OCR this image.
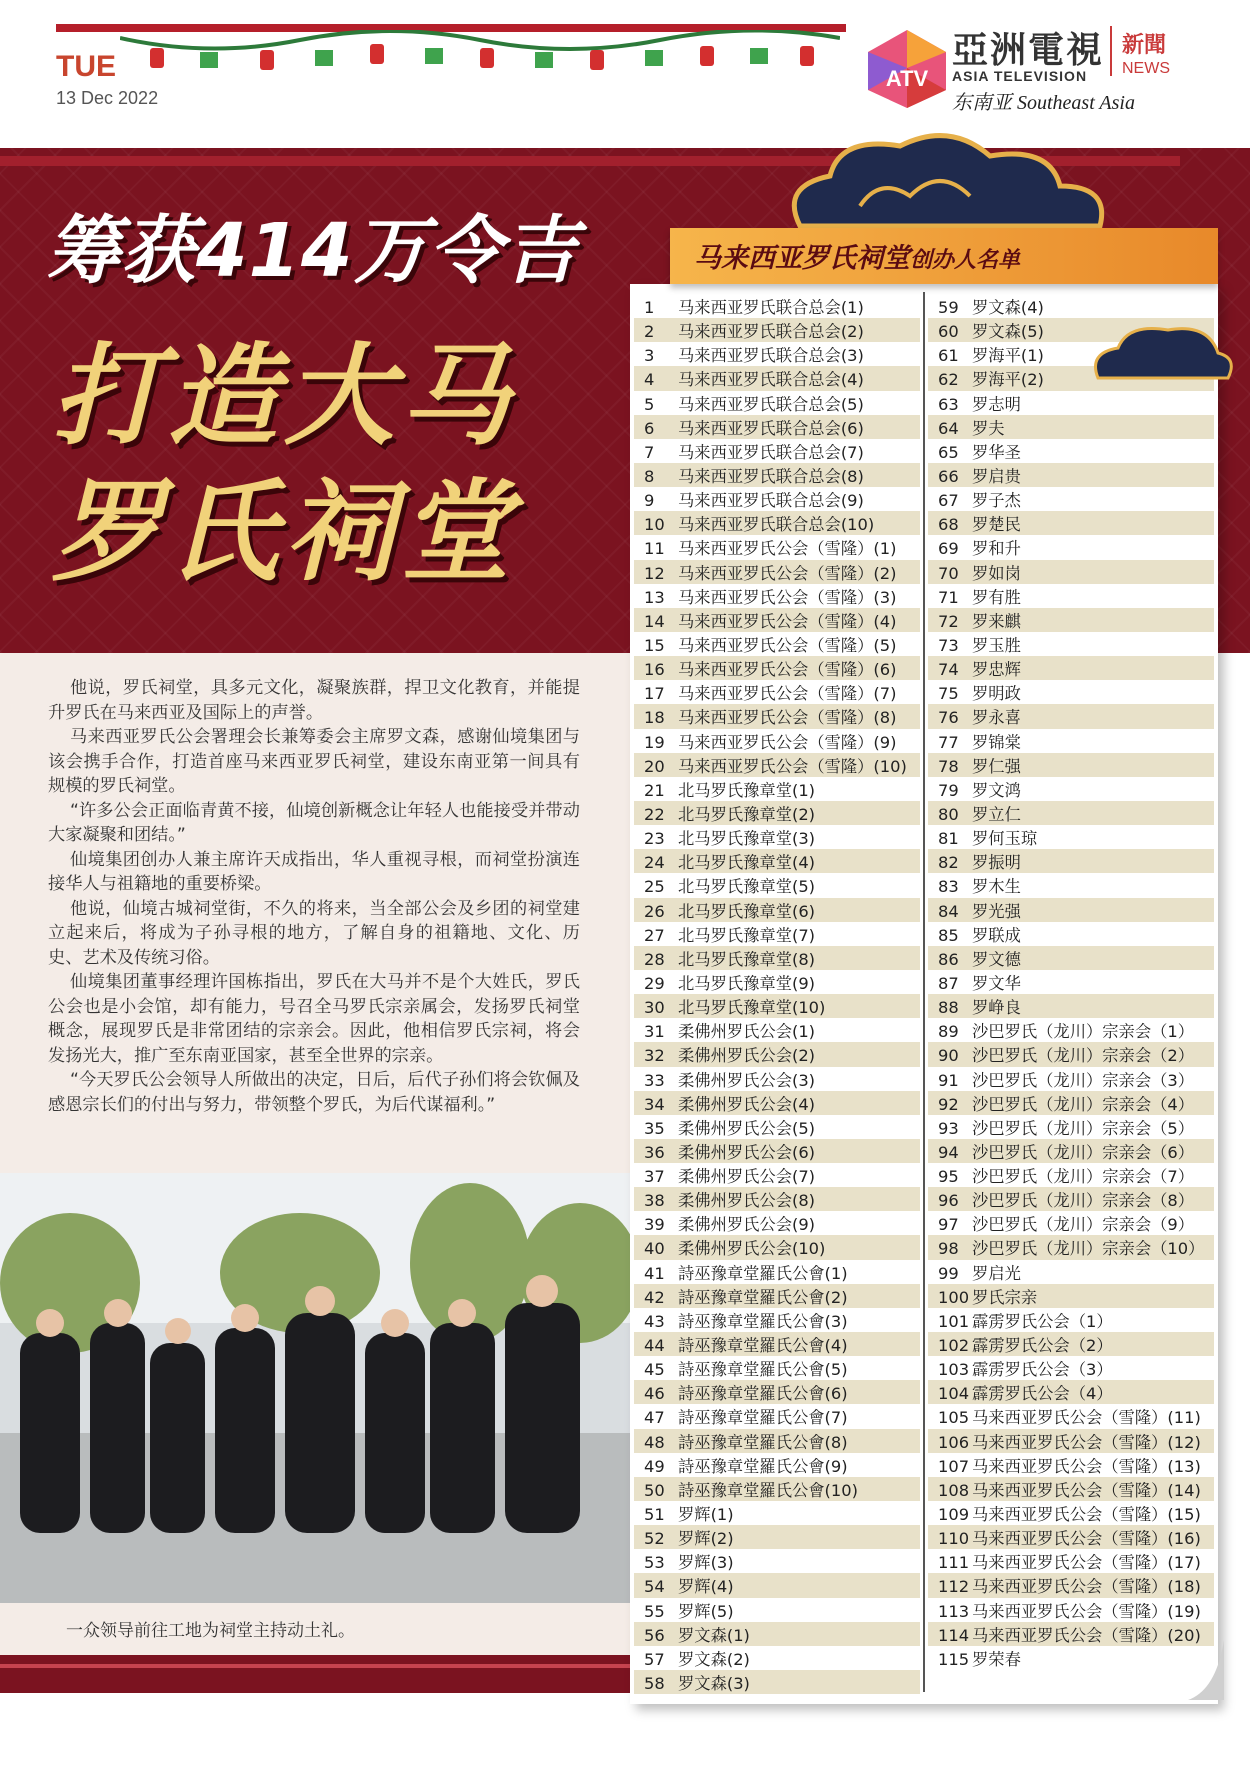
TUE
13 Dec 2022
ATV
亞洲電視
ASIA TELEVISION
东南亚 Southeast Asia
新聞
NEWS
筹获414万令吉
打造大马
罗氏祠堂

他说，罗氏祠堂，具多元文化，凝聚族群，捍卫文化教育，并能提升罗氏在马来西亚及国际上的声誉。

马来西亚罗氏公会署理会长兼筹委会主席罗文森，感谢仙境集团与该会携手合作，打造首座马来西亚罗氏祠堂，建设东南亚第一间具有规模的罗氏祠堂。

“许多公会正面临青黄不接，仙境创新概念让年轻人也能接受并带动大家凝聚和团结。”

仙境集团创办人兼主席许天成指出，华人重视寻根，而祠堂扮演连接华人与祖籍地的重要桥梁。

他说，仙境古城祠堂街，不久的将来，当全部公会及乡团的祠堂建立起来后，将成为子孙寻根的地方，了解自身的祖籍地、文化、历史、艺术及传统习俗。

仙境集团董事经理许国栋指出，罗氏在大马并不是个大姓氏，罗氏公会也是小会馆，却有能力，号召全马罗氏宗亲属会，发扬罗氏祠堂概念，展现罗氏是非常团结的宗亲会。因此，他相信罗氏宗祠，将会发扬光大，推广至东南亚国家，甚至全世界的宗亲。

“今天罗氏公会领导人所做出的决定，日后，后代子孙们将会钦佩及感恩宗长们的付出与努力，带领整个罗氏，为后代谋福利。”

一众领导前往工地为祠堂主持动土礼。
1 马来西亚罗氏联合总会(1)
2 马来西亚罗氏联合总会(2)
3 马来西亚罗氏联合总会(3)
4 马来西亚罗氏联合总会(4)
5 马来西亚罗氏联合总会(5)
6 马来西亚罗氏联合总会(6)
7 马来西亚罗氏联合总会(7)
8 马来西亚罗氏联合总会(8)
9 马来西亚罗氏联合总会(9)
10 马来西亚罗氏联合总会(10)
11 马来西亚罗氏公会（雪隆）(1)
12 马来西亚罗氏公会（雪隆）(2)
13 马来西亚罗氏公会（雪隆）(3)
14 马来西亚罗氏公会（雪隆）(4)
15 马来西亚罗氏公会（雪隆）(5)
16 马来西亚罗氏公会（雪隆）(6)
17 马来西亚罗氏公会（雪隆）(7)
18 马来西亚罗氏公会（雪隆）(8)
19 马来西亚罗氏公会（雪隆）(9)
20 马来西亚罗氏公会（雪隆）(10)
21 北马罗氏豫章堂(1)
22 北马罗氏豫章堂(2)
23 北马罗氏豫章堂(3)
24 北马罗氏豫章堂(4)
25 北马罗氏豫章堂(5)
26 北马罗氏豫章堂(6)
27 北马罗氏豫章堂(7)
28 北马罗氏豫章堂(8)
29 北马罗氏豫章堂(9)
30 北马罗氏豫章堂(10)
31 柔佛州罗氏公会(1)
32 柔佛州罗氏公会(2)
33 柔佛州罗氏公会(3)
34 柔佛州罗氏公会(4)
35 柔佛州罗氏公会(5)
36 柔佛州罗氏公会(6)
37 柔佛州罗氏公会(7)
38 柔佛州罗氏公会(8)
39 柔佛州罗氏公会(9)
40 柔佛州罗氏公会(10)
41 詩巫豫章堂羅氏公會(1)
42 詩巫豫章堂羅氏公會(2)
43 詩巫豫章堂羅氏公會(3)
44 詩巫豫章堂羅氏公會(4)
45 詩巫豫章堂羅氏公會(5)
46 詩巫豫章堂羅氏公會(6)
47 詩巫豫章堂羅氏公會(7)
48 詩巫豫章堂羅氏公會(8)
49 詩巫豫章堂羅氏公會(9)
50 詩巫豫章堂羅氏公會(10)
51 罗辉(1)
52 罗辉(2)
53 罗辉(3)
54 罗辉(4)
55 罗辉(5)
56 罗文森(1)
57 罗文森(2)
58 罗文森(3)
59 罗文森(4)
60 罗文森(5)
61 罗海平(1)
62 罗海平(2)
63 罗志明
64 罗夫
65 罗华圣
66 罗启贵
67 罗子杰
68 罗楚民
69 罗和升
70 罗如岗
71 罗有胜
72 罗来麒
73 罗玉胜
74 罗忠辉
75 罗明政
76 罗永喜
77 罗锦棠
78 罗仁强
79 罗文鸿
80 罗立仁
81 罗何玉琼
82 罗振明
83 罗木生
84 罗光强
85 罗联成
86 罗文德
87 罗文华
88 罗峥良
89 沙巴罗氏（龙川）宗亲会（1）
90 沙巴罗氏（龙川）宗亲会（2）
91 沙巴罗氏（龙川）宗亲会（3）
92 沙巴罗氏（龙川）宗亲会（4）
93 沙巴罗氏（龙川）宗亲会（5）
94 沙巴罗氏（龙川）宗亲会（6）
95 沙巴罗氏（龙川）宗亲会（7）
96 沙巴罗氏（龙川）宗亲会（8）
97 沙巴罗氏（龙川）宗亲会（9）
98 沙巴罗氏（龙川）宗亲会（10）
99 罗启光
100 罗氏宗亲
101 霹雳罗氏公会（1）
102 霹雳罗氏公会（2）
103 霹雳罗氏公会（3）
104 霹雳罗氏公会（4）
105 马来西亚罗氏公会（雪隆）(11)
106 马来西亚罗氏公会（雪隆）(12)
107 马来西亚罗氏公会（雪隆）(13)
108 马来西亚罗氏公会（雪隆）(14)
109 马来西亚罗氏公会（雪隆）(15)
110 马来西亚罗氏公会（雪隆）(16)
111 马来西亚罗氏公会（雪隆）(17)
112 马来西亚罗氏公会（雪隆）(18)
113 马来西亚罗氏公会（雪隆）(19)
114 马来西亚罗氏公会（雪隆）(20)
115 罗荣春
马来西亚罗氏祠堂创办人名单
